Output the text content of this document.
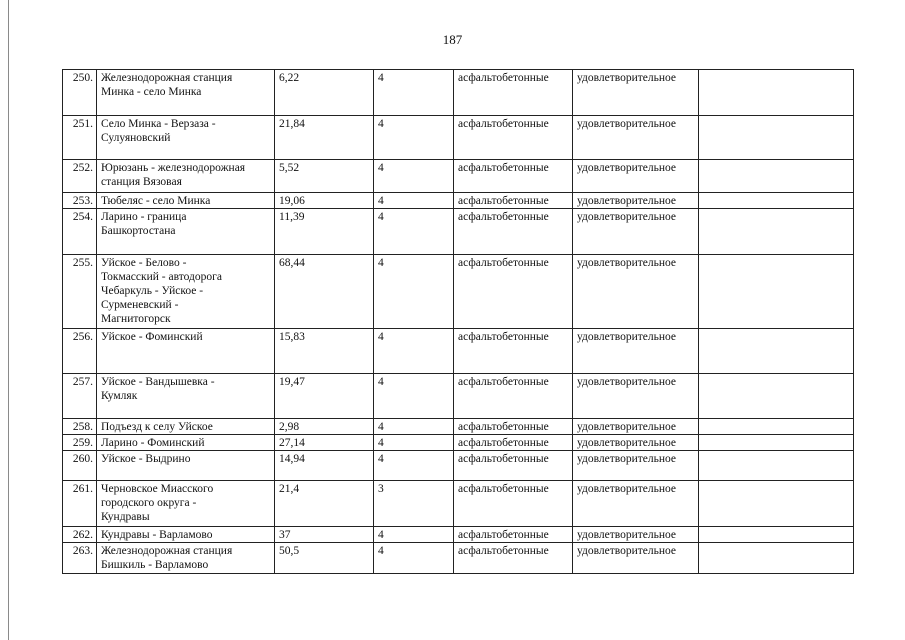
187
250.	Железнодорожная станция
Минка - село Минка	6,22	4	асфальтобетонные	удовлетворительное	
251.	Село Минка - Верзаза -
Сулуяновский	21,84	4	асфальтобетонные	удовлетворительное	
252.	Юрюзань - железнодорожная
станция Вязовая	5,52	4	асфальтобетонные	удовлетворительное	
253.	Тюбеляс - село Минка	19,06	4	асфальтобетонные	удовлетворительное	
254.	Ларино - граница
Башкортостана	11,39	4	асфальтобетонные	удовлетворительное	
255.	Уйское - Белово -
Токмасский - автодорога
Чебаркуль - Уйское -
Сурменевский -
Магнитогорск	68,44	4	асфальтобетонные	удовлетворительное	
256.	Уйское - Фоминский	15,83	4	асфальтобетонные	удовлетворительное	
257.	Уйское - Вандышевка -
Кумляк	19,47	4	асфальтобетонные	удовлетворительное	
258.	Подъезд к селу Уйское	2,98	4	асфальтобетонные	удовлетворительное	
259.	Ларино - Фоминский	27,14	4	асфальтобетонные	удовлетворительное	
260.	Уйское - Выдрино	14,94	4	асфальтобетонные	удовлетворительное	
261.	Черновское Миасского
городского округа -
Кундравы	21,4	3	асфальтобетонные	удовлетворительное	
262.	Кундравы - Варламово	37	4	асфальтобетонные	удовлетворительное	
263.	Железнодорожная станция
Бишкиль - Варламово	50,5	4	асфальтобетонные	удовлетворительное	
